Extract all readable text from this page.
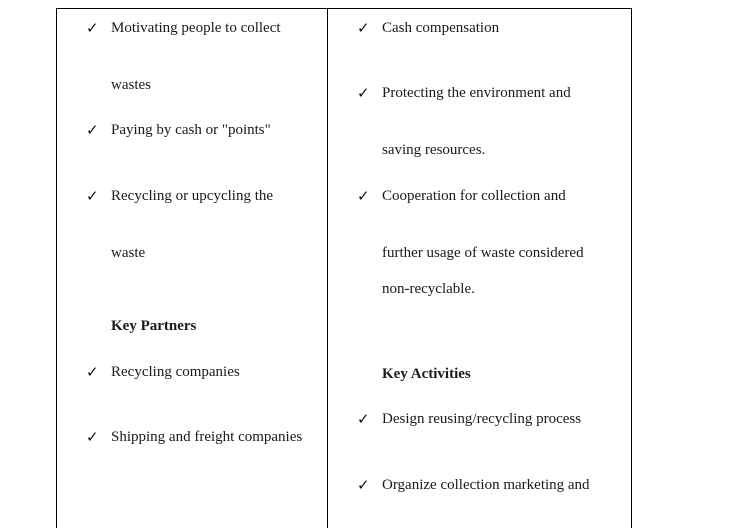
✓ Motivating people to collect
wastes
✓ Paying by cash or "points"
✓ Recycling or upcycling the
waste
Key Partners
✓ Recycling companies
✓ Shipping and freight companies
✓ Cash compensation
✓ Protecting the environment and
saving resources.
✓ Cooperation for collection and
further usage of waste considered
non-recyclable.
Key Activities
✓ Design reusing/recycling process
✓ Organize collection marketing and
